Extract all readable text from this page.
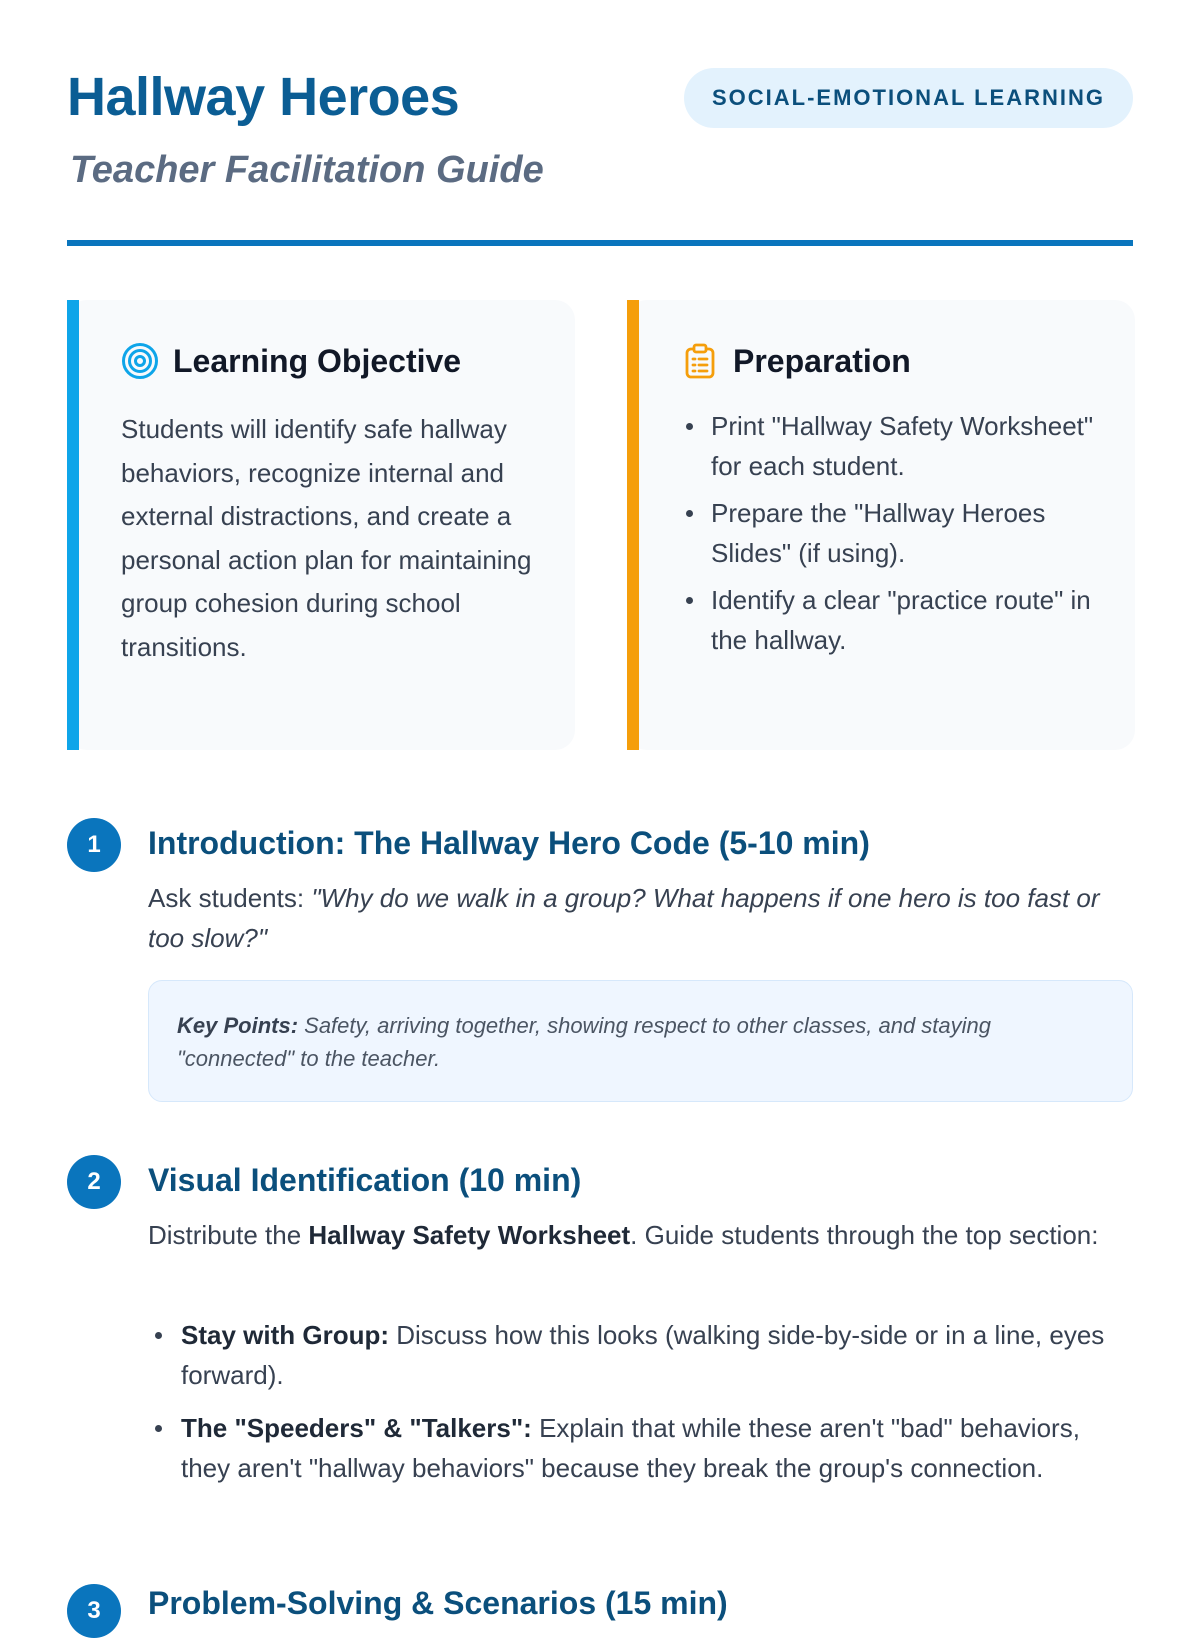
Hallway Heroes
Teacher Facilitation Guide
SOCIAL-EMOTIONAL LEARNING
Learning Objective

Students will identify safe hallway behaviors, recognize internal and external distractions, and create a personal action plan for maintaining group cohesion during school transitions.

Preparation
Print "Hallway Safety Worksheet" for each student.
Prepare the "Hallway Heroes Slides" (if using).
Identify a clear "practice route" in the hallway.
1	Introduction: The Hallway Hero Code (5-10 min)

Ask students: "Why do we walk in a group? What happens if one hero is too fast or too slow?"

Key Points: Safety, arriving together, showing respect to other classes, and staying "connected" to the teacher.
2	Visual Identification (10 min)

Distribute the Hallway Safety Worksheet. Guide students through the top section:

Stay with Group: Discuss how this looks (walking side-by-side or in a line, eyes forward).
The "Speeders" & "Talkers": Explain that while these aren't "bad" behaviors, they aren't "hallway behaviors" because they break the group's connection.
3	Problem-Solving & Scenarios (15 min)
